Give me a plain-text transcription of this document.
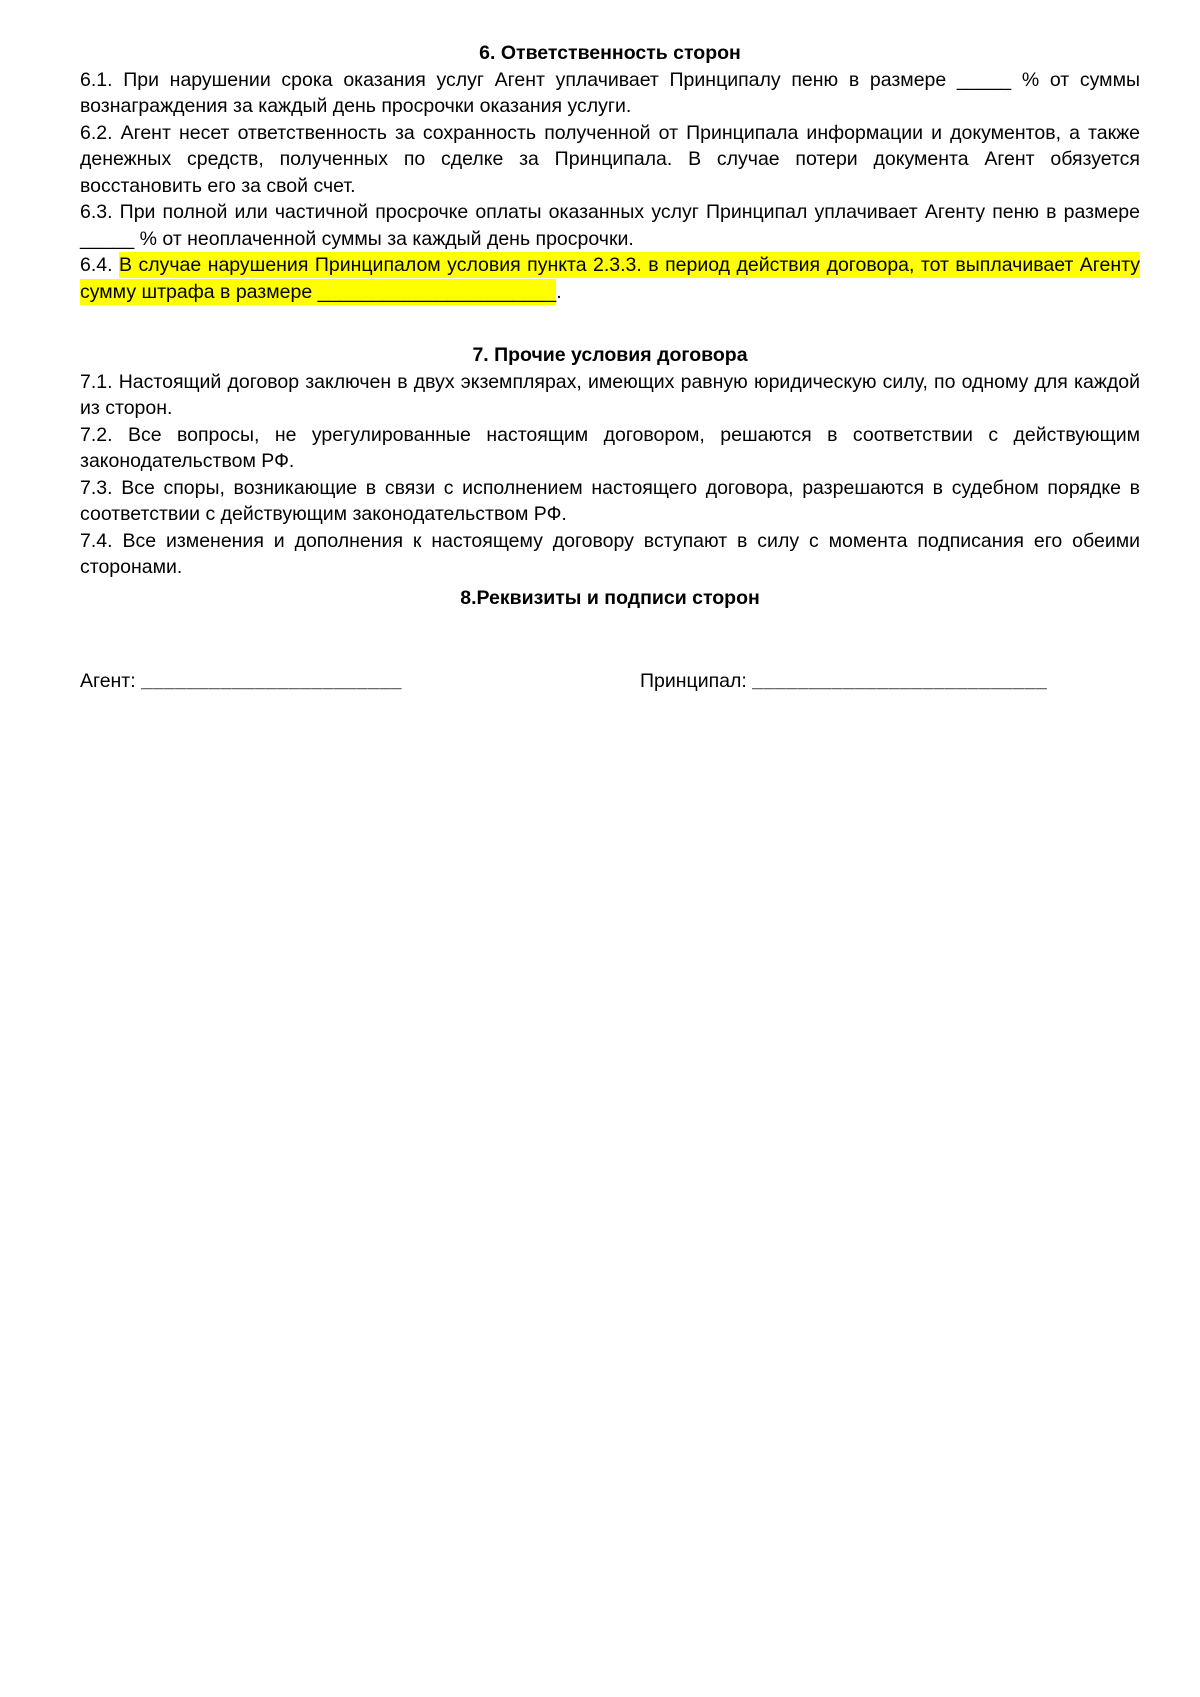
6. Ответственность сторон

6.1. При нарушении срока оказания услуг Агент уплачивает Принципалу пеню в размере _____ % от суммы вознаграждения за каждый день просрочки оказания услуги.

6.2. Агент несет ответственность за сохранность полученной от Принципала информации и документов, а также денежных средств, полученных по сделке за Принципала. В случае потери документа Агент обязуется восстановить его за свой счет.

6.3. При полной или частичной просрочке оплаты оказанных услуг Принципал уплачивает Агенту пеню в размере _____ % от неоплаченной суммы за каждый день просрочки.

6.4. В случае нарушения Принципалом условия пункта 2.3.3. в период действия договора, тот выплачивает Агенту сумму штрафа в размере ______________________.

7. Прочие условия договора

7.1. Настоящий договор заключен в двух экземплярах, имеющих равную юридическую силу, по одному для каждой из сторон.

7.2. Все вопросы, не урегулированные настоящим договором, решаются в соответствии с действующим законодательством РФ.

7.3. Все споры, возникающие в связи с исполнением настоящего договора, разрешаются в судебном порядке в соответствии с действующим законодательством РФ.

7.4. Все изменения и дополнения к настоящему договору вступают в силу с момента подписания его обеими сторонами.

8.Реквизиты и подписи сторон
Агент: _______________________	Принципал: __________________________
